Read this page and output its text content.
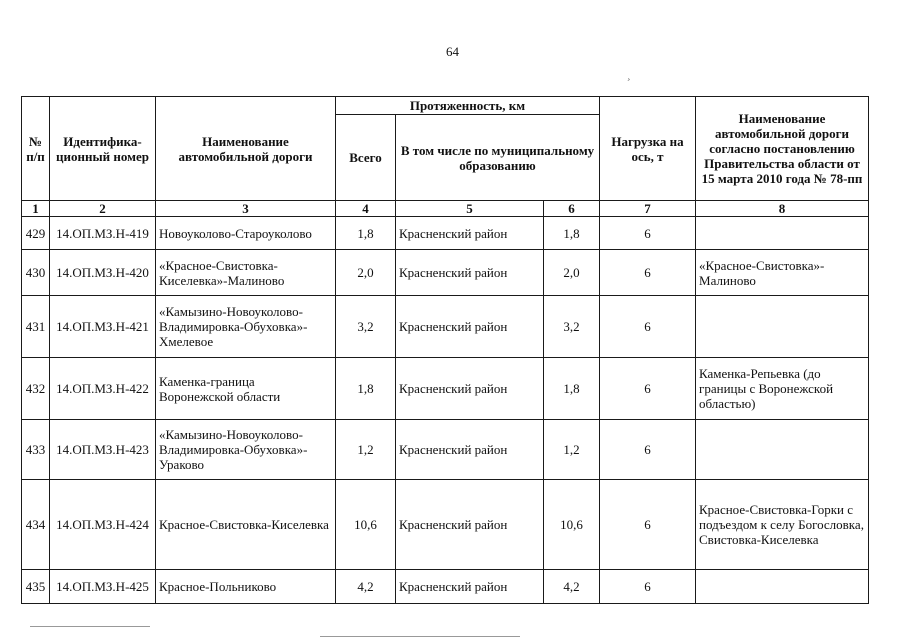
64
¸
№ п/п	Идентифика-ционный номер	Наименование автомобильной дороги	Протяженность, км			Нагрузка на ось, т	Наименование автомобильной дороги согласно постановлению Правительства области от 15 марта 2010 года № 78-пп
			Всего	В том числе по муниципальному образованию			
1	2	3	4	5	6	7	8
429	14.ОП.МЗ.Н-419	Новоуколово-Староуколово	1,8	Красненский район	1,8	6	
430	14.ОП.МЗ.Н-420	«Красное-Свистовка-Киселевка»-Малиново	2,0	Красненский район	2,0	6	«Красное-Свистовка»-Малиново
431	14.ОП.МЗ.Н-421	«Камызино-Новоуколово-Владимировка-Обуховка»-Хмелевое	3,2	Красненский район	3,2	6	
432	14.ОП.МЗ.Н-422	Каменка-граница Воронежской области	1,8	Красненский район	1,8	6	Каменка-Репьевка (до границы с Воронежской областью)
433	14.ОП.МЗ.Н-423	«Камызино-Новоуколово-Владимировка-Обуховка»-Ураково	1,2	Красненский район	1,2	6	
434	14.ОП.МЗ.Н-424	Красное-Свистовка-Киселевка	10,6	Красненский район	10,6	6	Красное-Свистовка-Горки с подъездом к селу Богословка, Свистовка-Киселевка
435	14.ОП.МЗ.Н-425	Красное-Польниково	4,2	Красненский район	4,2	6	
